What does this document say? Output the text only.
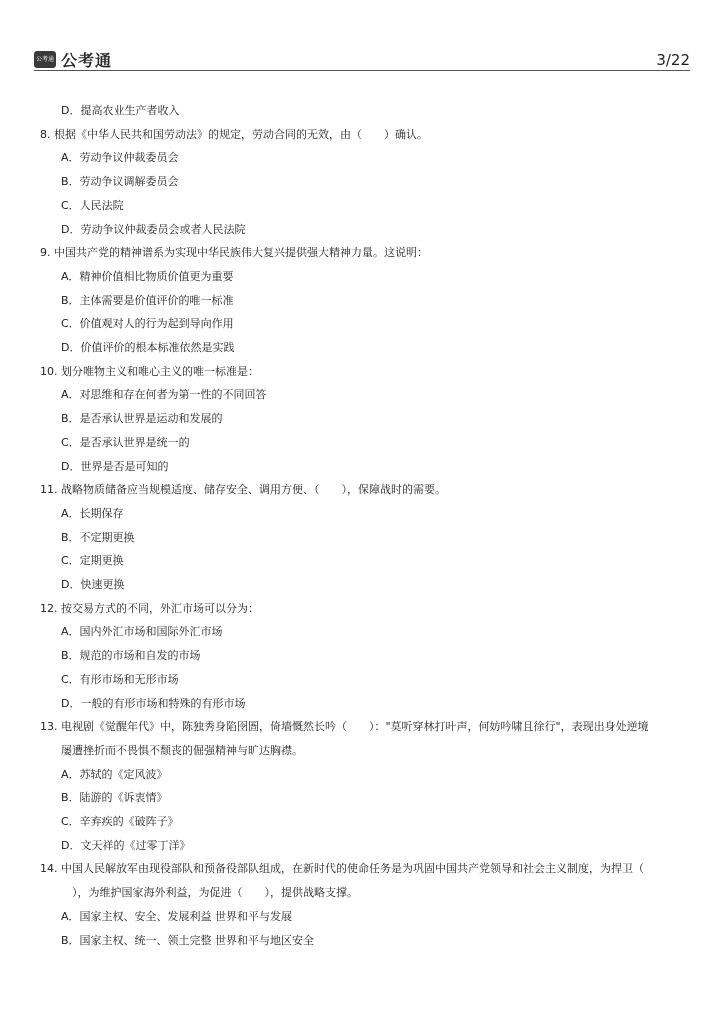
公考通 公考通	3/22
D．提高农业生产者收入
8. 根据《中华人民共和国劳动法》的规定，劳动合同的无效，由（　　）确认。
A．劳动争议仲裁委员会
B．劳动争议调解委员会
C．人民法院
D．劳动争议仲裁委员会或者人民法院
9. 中国共产党的精神谱系为实现中华民族伟大复兴提供强大精神力量。这说明：
A．精神价值相比物质价值更为重要
B．主体需要是价值评价的唯一标准
C．价值观对人的行为起到导向作用
D．价值评价的根本标准依然是实践
10. 划分唯物主义和唯心主义的唯一标准是：
A．对思维和存在何者为第一性的不同回答
B．是否承认世界是运动和发展的
C．是否承认世界是统一的
D．世界是否是可知的
11. 战略物质储备应当规模适度、储存安全、调用方便、（　　），保障战时的需要。
A．长期保存
B．不定期更换
C．定期更换
D．快速更换
12. 按交易方式的不同，外汇市场可以分为：
A．国内外汇市场和国际外汇市场
B．规范的市场和自发的市场
C．有形市场和无形市场
D．一般的有形市场和特殊的有形市场
13. 电视剧《觉醒年代》中，陈独秀身陷囹圄，倚墙慨然长吟（　　）："莫听穿林打叶声，何妨吟啸且徐行"，表现出身处逆境
屡遭挫折而不畏惧不颓丧的倔强精神与旷达胸襟。
A．苏轼的《定风波》
B．陆游的《诉衷情》
C．辛弃疾的《破阵子》
D．文天祥的《过零丁洋》
14. 中国人民解放军由现役部队和预备役部队组成，在新时代的使命任务是为巩固中国共产党领导和社会主义制度，为捍卫（
　），为维护国家海外利益，为促进（　　），提供战略支撑。
A．国家主权、安全、发展利益 世界和平与发展
B．国家主权、统一、领土完整 世界和平与地区安全
